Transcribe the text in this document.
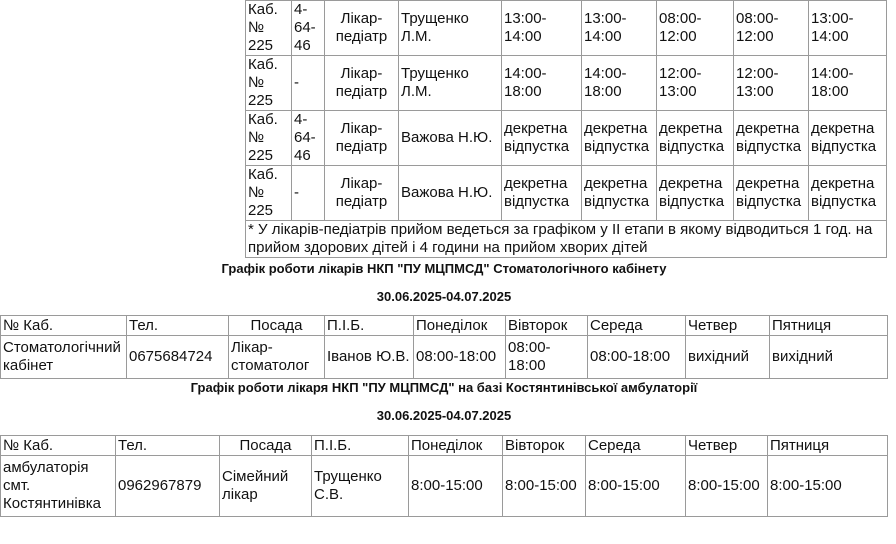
Каб. № 225	4-64-46	Лікар-педіатр	Трущенко Л.М.	13:00-14:00	13:00-14:00	08:00-12:00	08:00-12:00	13:00-14:00
Каб. № 225	-	Лікар-педіатр	Трущенко Л.М.	14:00-18:00	14:00-18:00	12:00-13:00	12:00-13:00	14:00-18:00
Каб. № 225	4-64-46	Лікар-педіатр	Важова Н.Ю.	декретна відпустка	декретна відпустка	декретна відпустка	декретна відпустка	декретна відпустка
Каб. № 225	-	Лікар-педіатр	Важова Н.Ю.	декретна відпустка	декретна відпустка	декретна відпустка	декретна відпустка	декретна відпустка
* У лікарів-педіатрів прийом ведеться за графіком у ІІ етапи в якому відводиться 1 год. на прийом здорових дітей і 4 години на прийом хворих дітей								
Графік роботи лікарів НКП "ПУ МЦПМСД" Стоматологічного кабінету
30.06.2025-04.07.2025
№ Каб.	Тел.	Посада	П.І.Б.	Понеділок	Вівторок	Середа	Четвер	Пятниця
Стоматологічний кабінет	0675684724	Лікар-стоматолог	Іванов Ю.В.	08:00-18:00	08:00-18:00	08:00-18:00	вихідний	вихідний
Графік роботи лікаря НКП "ПУ МЦПМСД" на базі Костянтинівської амбулаторії
30.06.2025-04.07.2025
№ Каб.	Тел.	Посада	П.І.Б.	Понеділок	Вівторок	Середа	Четвер	Пятниця
амбулаторія смт. Костянтинівка	0962967879	Сімейний лікар	Трущенко С.В.	8:00-15:00	8:00-15:00	8:00-15:00	8:00-15:00	8:00-15:00
